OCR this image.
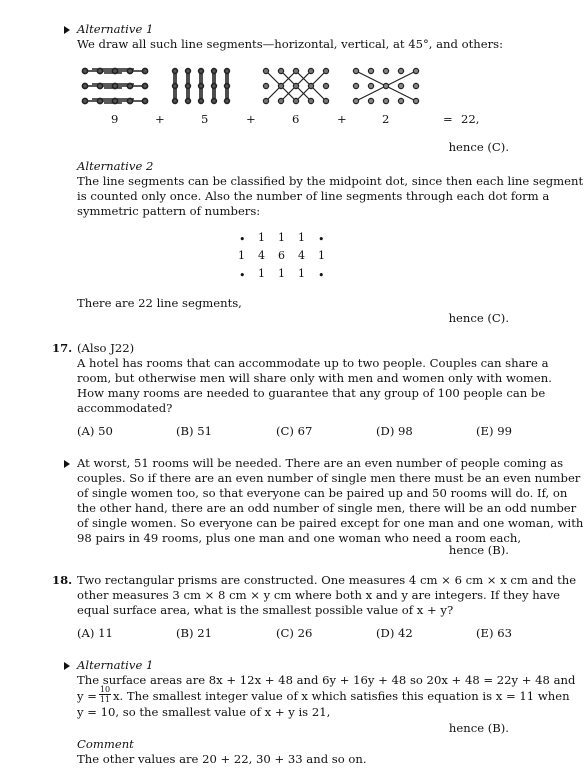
Alternative 1
We draw all such line segments—horizontal, vertical, at 45°, and others:
9	+	5	+	6	+	2	= 22,
hence (C).
Alternative 2
The line segments can be classified by the midpoint dot, since then each line segment
is counted only once. Also the number of line segments through each dot form a
symmetric pattern of numbers:
• 1 1 1 •
1 4 6 4 1
• 1 1 1 •
There are 22 line segments,
hence (C).
17. (Also J22)
A hotel has rooms that can accommodate up to two people. Couples can share a
room, but otherwise men will share only with men and women only with women.
How many rooms are needed to guarantee that any group of 100 people can be
accommodated?
(A) 50	(B) 51	(C) 67	(D) 98	(E) 99
At worst, 51 rooms will be needed. There are an even number of people coming as
couples. So if there are an even number of single men there must be an even number
of single women too, so that everyone can be paired up and 50 rooms will do. If, on
the other hand, there are an odd number of single men, there will be an odd number
of single women. So everyone can be paired except for one man and one woman, with
98 pairs in 49 rooms, plus one man and one woman who need a room each,
hence (B).
18. Two rectangular prisms are constructed. One measures 4 cm × 6 cm × x cm and the
other measures 3 cm × 8 cm × y cm where both x and y are integers. If they have
equal surface area, what is the smallest possible value of x + y?
(A) 11	(B) 21	(C) 26	(D) 42	(E) 63
Alternative 1
The surface areas are 8x + 12x + 48 and 6y + 16y + 48 so 20x + 48 = 22y + 48 and
$y = \frac{10}{11} x$. The smallest integer value of x which satisfies this equation is x = 11 when
y = 10, so the smallest value of x + y is 21,
hence (B).
Comment
The other values are 20 + 22, 30 + 33 and so on.
